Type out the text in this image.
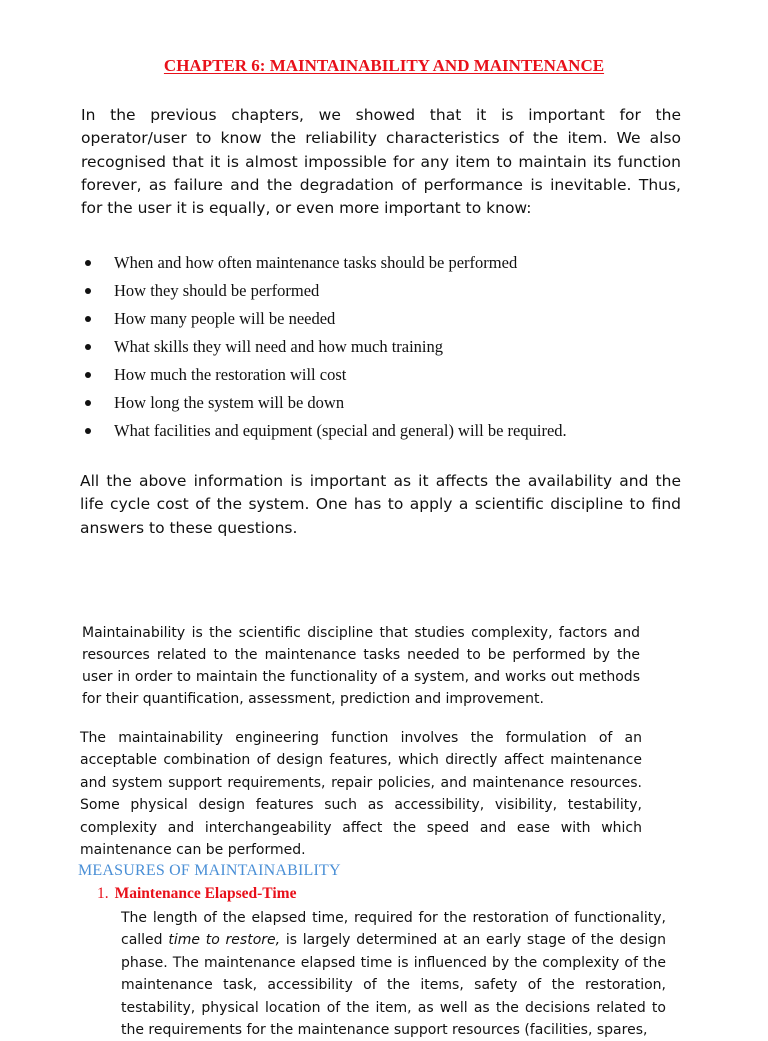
CHAPTER 6: MAINTAINABILITY AND MAINTENANCE

In the previous chapters, we showed that it is important for the operator/user to know the reliability characteristics of the item. We also recognised that it is almost impossible for any item to maintain its function forever, as failure and the degradation of performance is inevitable. Thus, for the user it is equally, or even more important to know:

When and how often maintenance tasks should be performed
How they should be performed
How many people will be needed
What skills they will need and how much training
How much the restoration will cost
How long the system will be down
What facilities and equipment (special and general) will be required.

All the above information is important as it affects the availability and the life cycle cost of the system. One has to apply a scientific discipline to find answers to these questions.

Maintainability is the scientific discipline that studies complexity, factors and resources related to the maintenance tasks needed to be performed by the user in order to maintain the functionality of a system, and works out methods for their quantification, assessment, prediction and improvement.

The maintainability engineering function involves the formulation of an acceptable combination of design features, which directly affect maintenance and system support requirements, repair policies, and maintenance resources. Some physical design features such as accessibility, visibility, testability, complexity and interchangeability affect the speed and ease with which maintenance can be performed.

MEASURES OF MAINTAINABILITY
1. Maintenance Elapsed-Time

The length of the elapsed time, required for the restoration of functionality, called time to restore, is largely determined at an early stage of the design phase. The maintenance elapsed time is influenced by the complexity of the maintenance task, accessibility of the items, safety of the restoration, testability, physical location of the item, as well as the decisions related to the requirements for the maintenance support resources (facilities, spares,
